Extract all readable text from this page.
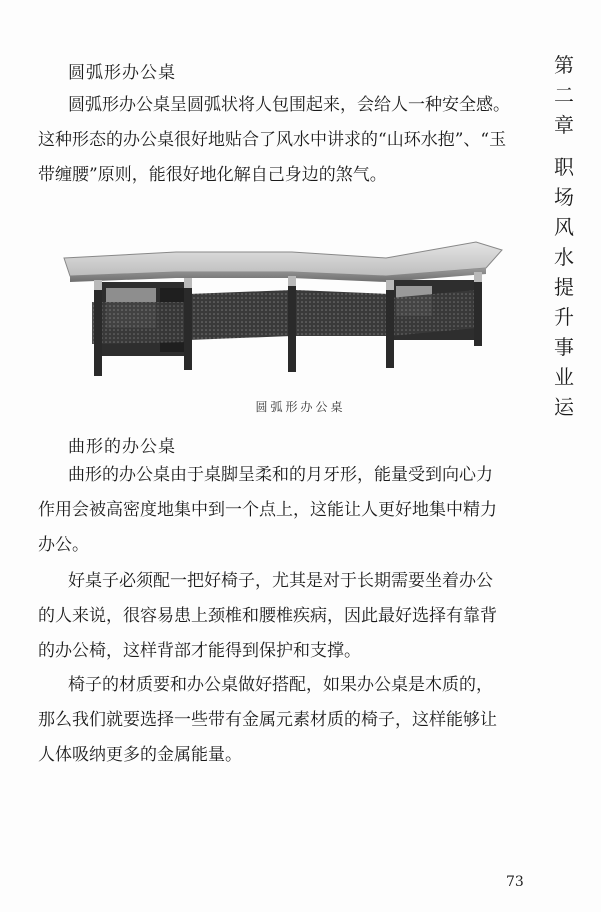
圆弧形办公桌
圆弧形办公桌呈圆弧状将人包围起来，会给人一种安全感。
这种形态的办公桌很好地贴合了风水中讲求的“山环水抱”、“玉
带缠腰”原则，能很好地化解自己身边的煞气。
圆弧形办公桌
曲形的办公桌
曲形的办公桌由于桌脚呈柔和的月牙形，能量受到向心力
作用会被高密度地集中到一个点上，这能让人更好地集中精力
办公。
好桌子必须配一把好椅子，尤其是对于长期需要坐着办公
的人来说，很容易患上颈椎和腰椎疾病，因此最好选择有靠背
的办公椅，这样背部才能得到保护和支撑。
椅子的材质要和办公桌做好搭配，如果办公桌是木质的，
那么我们就要选择一些带有金属元素材质的椅子，这样能够让
人体吸纳更多的金属能量。
第
二
章
职
场
风
水
提
升
事
业
运
73
